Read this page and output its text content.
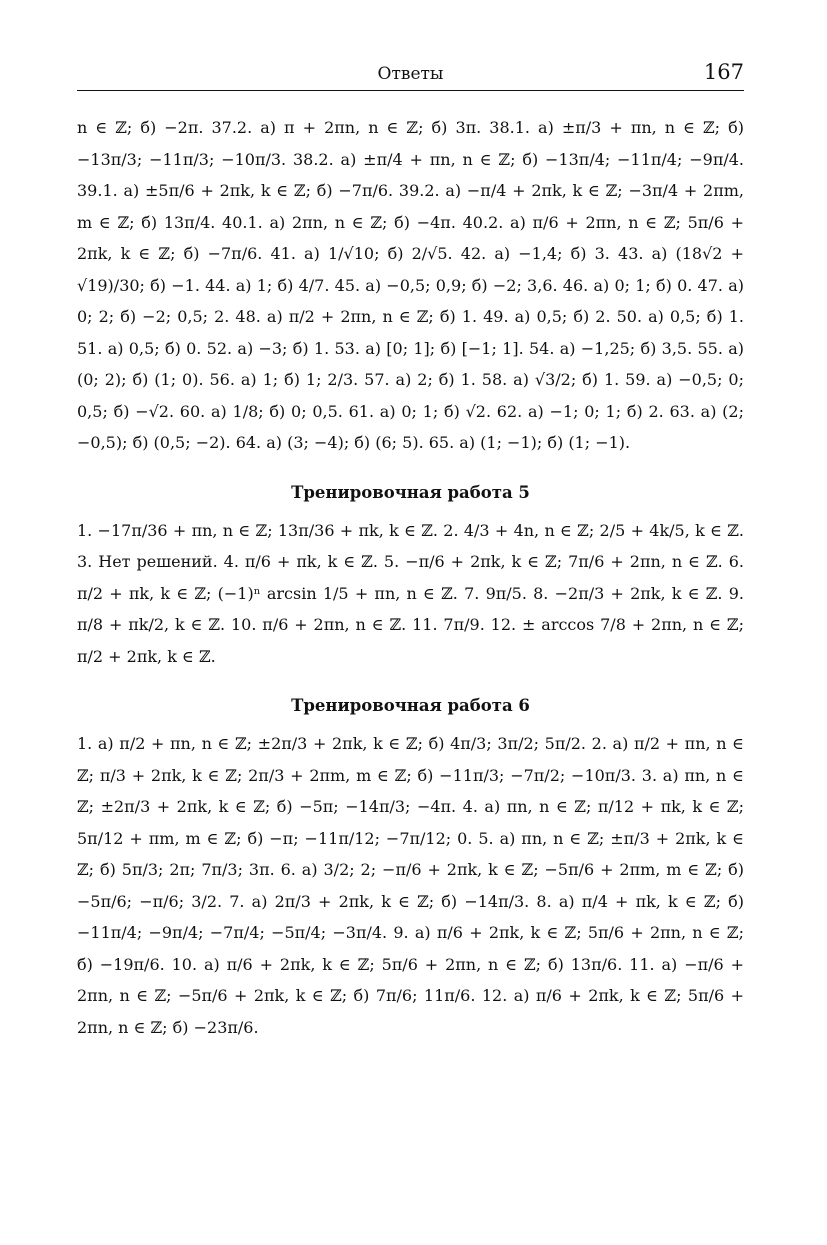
Ответы	167

n ∈ ℤ; б) −2π. 37.2. а) π + 2πn, n ∈ ℤ; б) 3π. 38.1. а) ±π/3 + πn, n ∈ ℤ; б) −13π/3; −11π/3; −10π/3. 38.2. а) ±π/4 + πn, n ∈ ℤ; б) −13π/4; −11π/4; −9π/4. 39.1. а) ±5π/6 + 2πk, k ∈ ℤ; б) −7π/6. 39.2. а) −π/4 + 2πk, k ∈ ℤ; −3π/4 + 2πm, m ∈ ℤ; б) 13π/4. 40.1. а) 2πn, n ∈ ℤ; б) −4π. 40.2. а) π/6 + 2πn, n ∈ ℤ; 5π/6 + 2πk, k ∈ ℤ; б) −7π/6. 41. а) 1/√10; б) 2/√5. 42. а) −1,4; б) 3. 43. а) (18√2 + √19)/30; б) −1. 44. а) 1; б) 4/7. 45. а) −0,5; 0,9; б) −2; 3,6. 46. а) 0; 1; б) 0. 47. а) 0; 2; б) −2; 0,5; 2. 48. а) π/2 + 2πn, n ∈ ℤ; б) 1. 49. а) 0,5; б) 2. 50. а) 0,5; б) 1. 51. а) 0,5; б) 0. 52. а) −3; б) 1. 53. а) [0; 1]; б) [−1; 1]. 54. а) −1,25; б) 3,5. 55. а) (0; 2); б) (1; 0). 56. а) 1; б) 1; 2/3. 57. а) 2; б) 1. 58. а) √3/2; б) 1. 59. а) −0,5; 0; 0,5; б) −√2. 60. а) 1/8; б) 0; 0,5. 61. а) 0; 1; б) √2. 62. а) −1; 0; 1; б) 2. 63. а) (2; −0,5); б) (0,5; −2). 64. а) (3; −4); б) (6; 5). 65. а) (1; −1); б) (1; −1).

Тренировочная работа 5

1. −17π/36 + πn, n ∈ ℤ; 13π/36 + πk, k ∈ ℤ. 2. 4/3 + 4n, n ∈ ℤ; 2/5 + 4k/5, k ∈ ℤ. 3. Нет решений. 4. π/6 + πk, k ∈ ℤ. 5. −π/6 + 2πk, k ∈ ℤ; 7π/6 + 2πn, n ∈ ℤ. 6. π/2 + πk, k ∈ ℤ; (−1)ⁿ arcsin 1/5 + πn, n ∈ ℤ. 7. 9π/5. 8. −2π/3 + 2πk, k ∈ ℤ. 9. π/8 + πk/2, k ∈ ℤ. 10. π/6 + 2πn, n ∈ ℤ. 11. 7π/9. 12. ± arccos 7/8 + 2πn, n ∈ ℤ; π/2 + 2πk, k ∈ ℤ.

Тренировочная работа 6

1. а) π/2 + πn, n ∈ ℤ; ±2π/3 + 2πk, k ∈ ℤ; б) 4π/3; 3π/2; 5π/2. 2. а) π/2 + πn, n ∈ ℤ; π/3 + 2πk, k ∈ ℤ; 2π/3 + 2πm, m ∈ ℤ; б) −11π/3; −7π/2; −10π/3. 3. а) πn, n ∈ ℤ; ±2π/3 + 2πk, k ∈ ℤ; б) −5π; −14π/3; −4π. 4. а) πn, n ∈ ℤ; π/12 + πk, k ∈ ℤ; 5π/12 + πm, m ∈ ℤ; б) −π; −11π/12; −7π/12; 0. 5. а) πn, n ∈ ℤ; ±π/3 + 2πk, k ∈ ℤ; б) 5π/3; 2π; 7π/3; 3π. 6. а) 3/2; 2; −π/6 + 2πk, k ∈ ℤ; −5π/6 + 2πm, m ∈ ℤ; б) −5π/6; −π/6; 3/2. 7. а) 2π/3 + 2πk, k ∈ ℤ; б) −14π/3. 8. а) π/4 + πk, k ∈ ℤ; б) −11π/4; −9π/4; −7π/4; −5π/4; −3π/4. 9. а) π/6 + 2πk, k ∈ ℤ; 5π/6 + 2πn, n ∈ ℤ; б) −19π/6. 10. а) π/6 + 2πk, k ∈ ℤ; 5π/6 + 2πn, n ∈ ℤ; б) 13π/6. 11. а) −π/6 + 2πn, n ∈ ℤ; −5π/6 + 2πk, k ∈ ℤ; б) 7π/6; 11π/6. 12. а) π/6 + 2πk, k ∈ ℤ; 5π/6 + 2πn, n ∈ ℤ; б) −23π/6.
